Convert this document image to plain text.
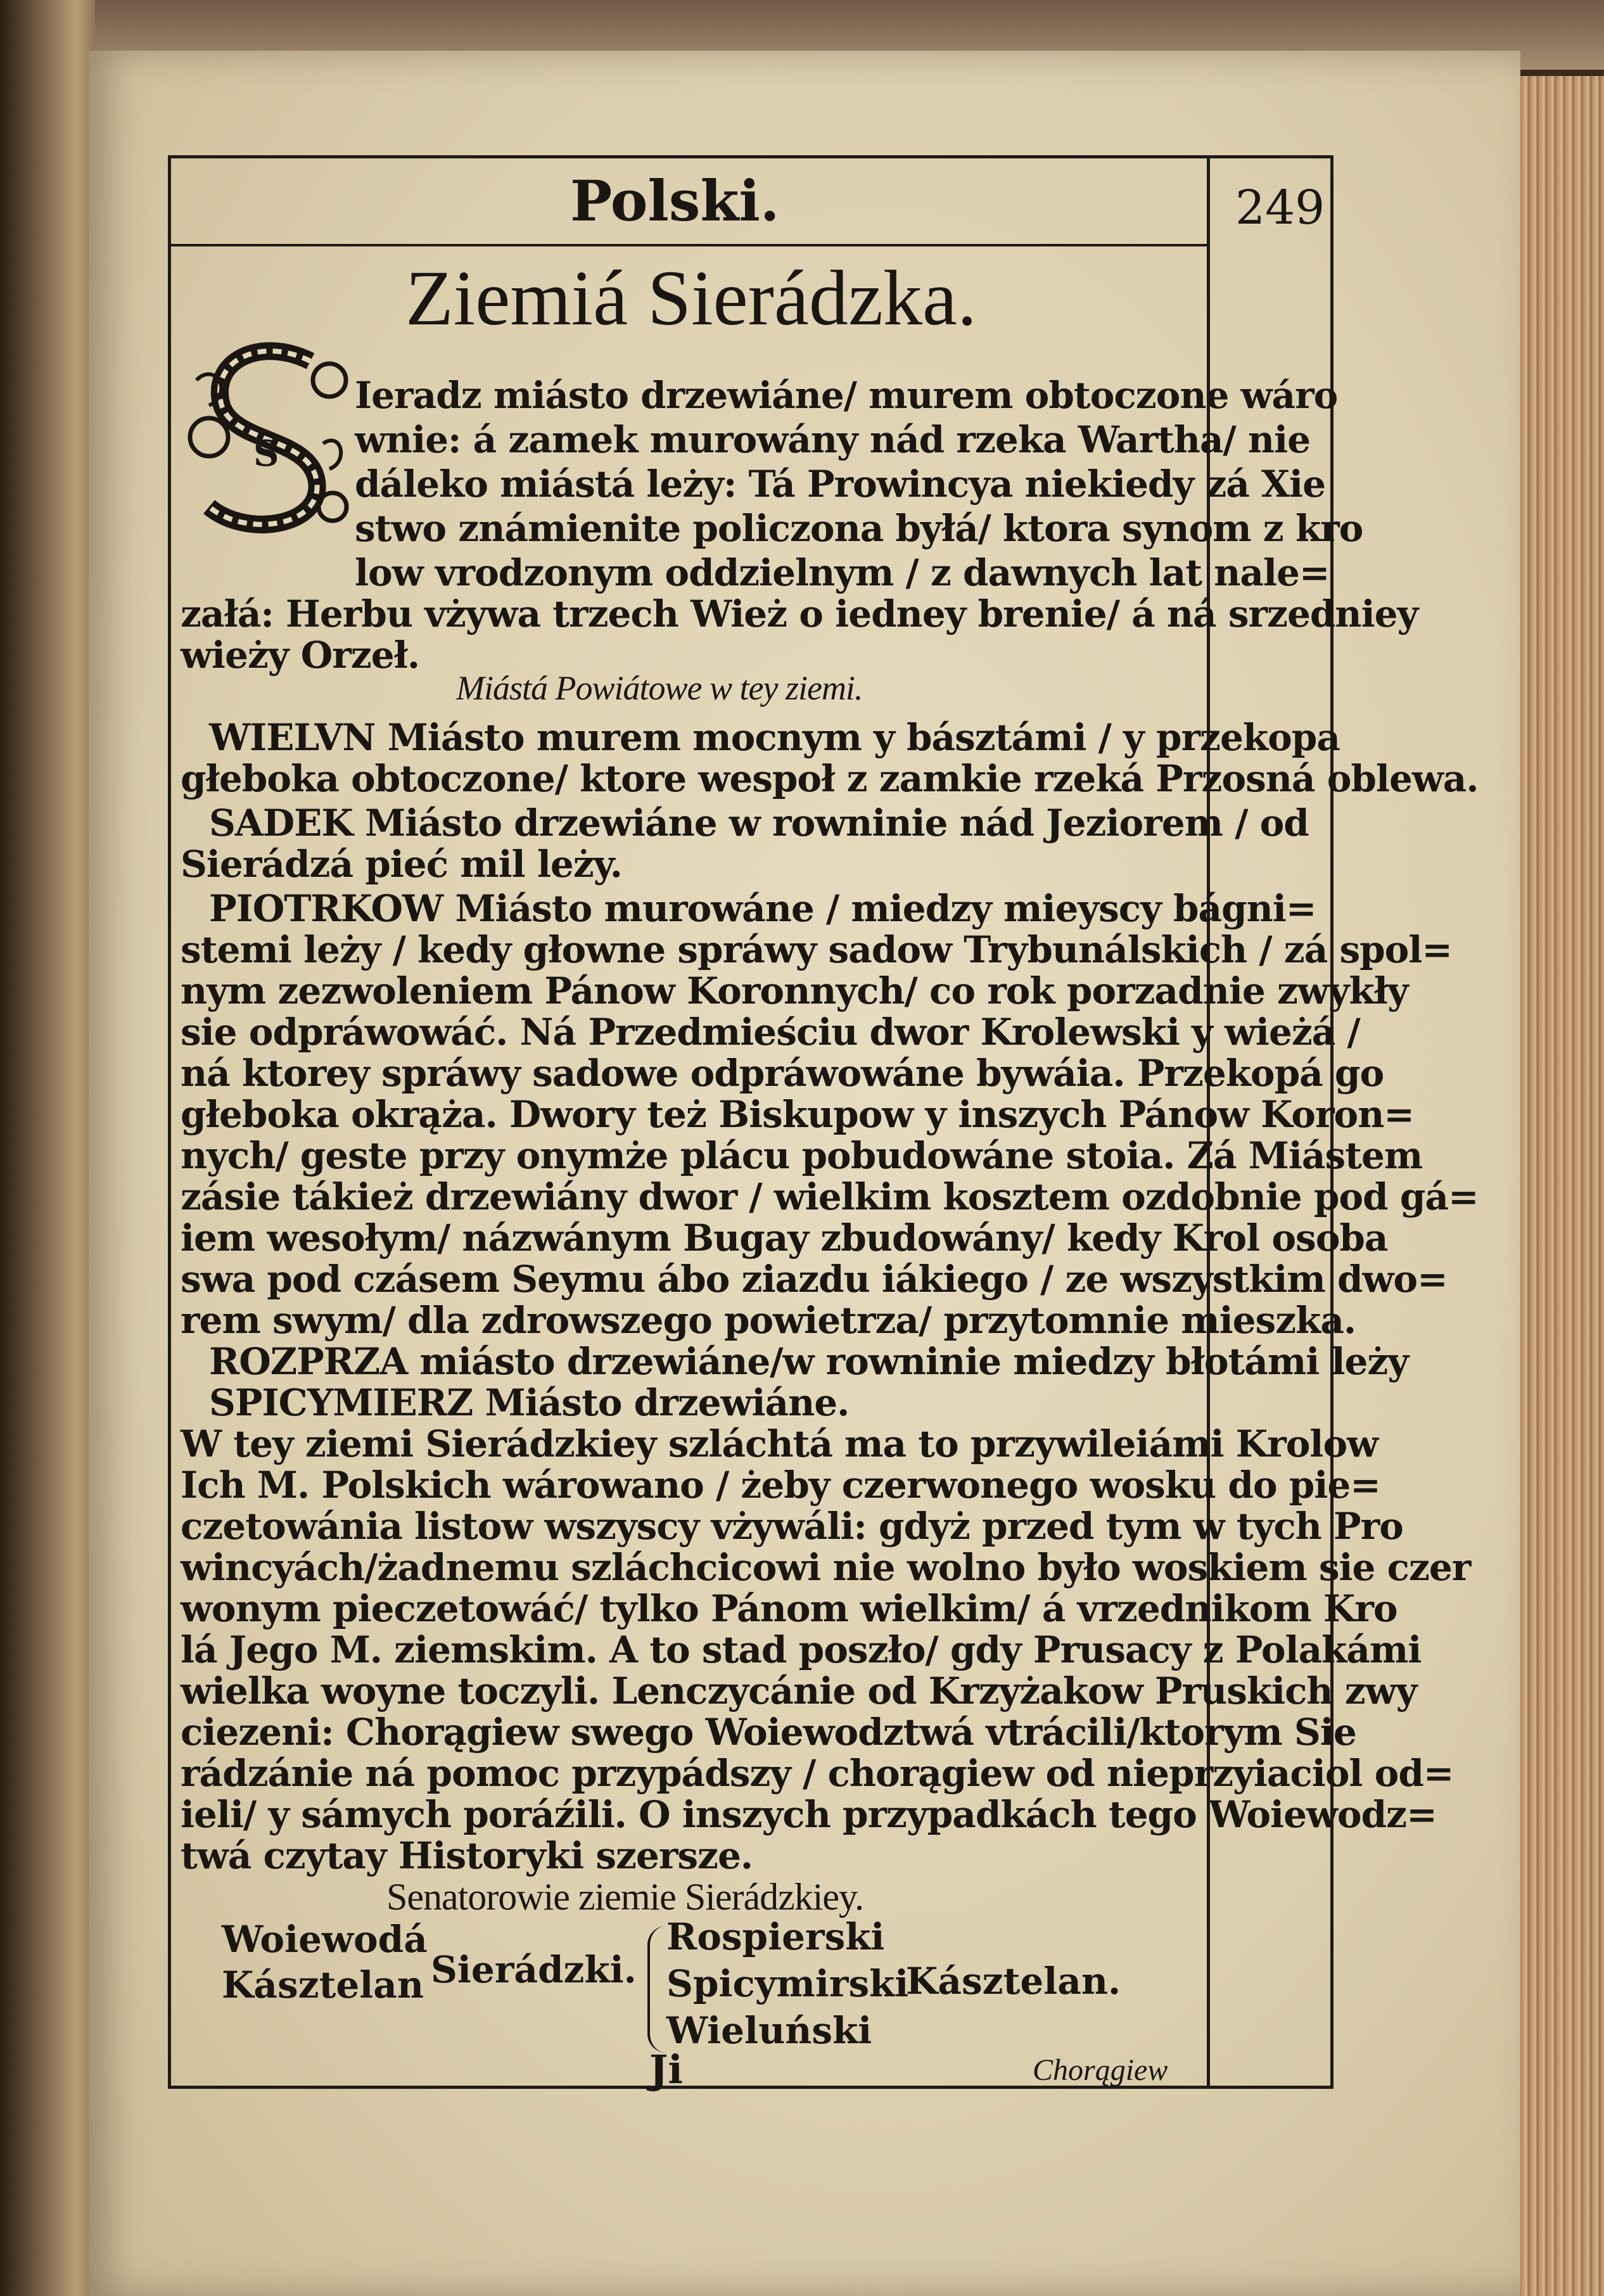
Polski.	249
Ziemiá Sierádzka.
S
Ieradz miásto drzewiáne/ murem obtoczone wáro
wnie: á zamek murowány nád rzeka Wartha/ nie
dáleko miástá leży: Tá Prowincya niekiedy zá Xie
stwo známienite policzona byłá/ ktora synom z kro
low vrodzonym oddzielnym / z dawnych lat nale=
załá: Herbu vżywa trzech Wież o iedney brenie/ á ná srzedniey
wieży Orzeł.
Miástá Powiátowe w tey ziemi.
WIELVN Miásto murem mocnym y básztámi / y przekopa
głeboka obtoczone/ ktore wespoł z zamkie rzeká Przosná oblewa.
SADEK Miásto drzewiáne w rowninie nád Jeziorem / od
Sierádzá pieć mil leży.
PIOTRKOW Miásto murowáne / miedzy mieyscy bágni=
stemi leży / kedy głowne spráwy sadow Trybunálskich / zá spol=
nym zezwoleniem Pánow Koronnych/ co rok porzadnie zwykły
sie odpráwowáć. Ná Przedmieściu dwor Krolewski y wieżá /
ná ktorey spráwy sadowe odpráwowáne bywáia. Przekopá go
głeboka okrąża. Dwory też Biskupow y inszych Pánow Koron=
nych/ geste przy onymże plácu pobudowáne stoia. Zá Miástem
zásie tákież drzewiány dwor / wielkim kosztem ozdobnie pod gá=
iem wesołym/ názwánym Bugay zbudowány/ kedy Krol osoba
swa pod czásem Seymu ábo ziazdu iákiego / ze wszystkim dwo=
rem swym/ dla zdrowszego powietrza/ przytomnie mieszka.
ROZPRZA miásto drzewiáne/w rowninie miedzy błotámi leży
SPICYMIERZ Miásto drzewiáne.
W tey ziemi Sierádzkiey szláchtá ma to przywileiámi Krolow
Ich M. Polskich wárowano / żeby czerwonego wosku do pie=
czetowánia listow wszyscy vżywáli: gdyż przed tym w tych Pro
wincyách/żadnemu szláchcicowi nie wolno było woskiem sie czer
wonym pieczetowáć/ tylko Pánom wielkim/ á vrzednikom Kro
lá Jego M. ziemskim. A to stad poszło/ gdy Prusacy z Polakámi
wielka woyne toczyli. Lenczycánie od Krzyżakow Pruskich zwy
ciezeni: Chorągiew swego Woiewodztwá vtrácili/ktorym Sie
rádzánie ná pomoc przypádszy / chorągiew od nieprzyiaciol od=
ieli/ y sámych poráźili. O inszych przypadkách tego Woiewodz=
twá czytay Historyki szersze.
Senatorowie ziemie Sierádzkiey.
Woiewodá
Kásztelan Sierádzki.
Rospierski
Spicymirski
Wieluński
Kásztelan.
Ji	Chorągiew
